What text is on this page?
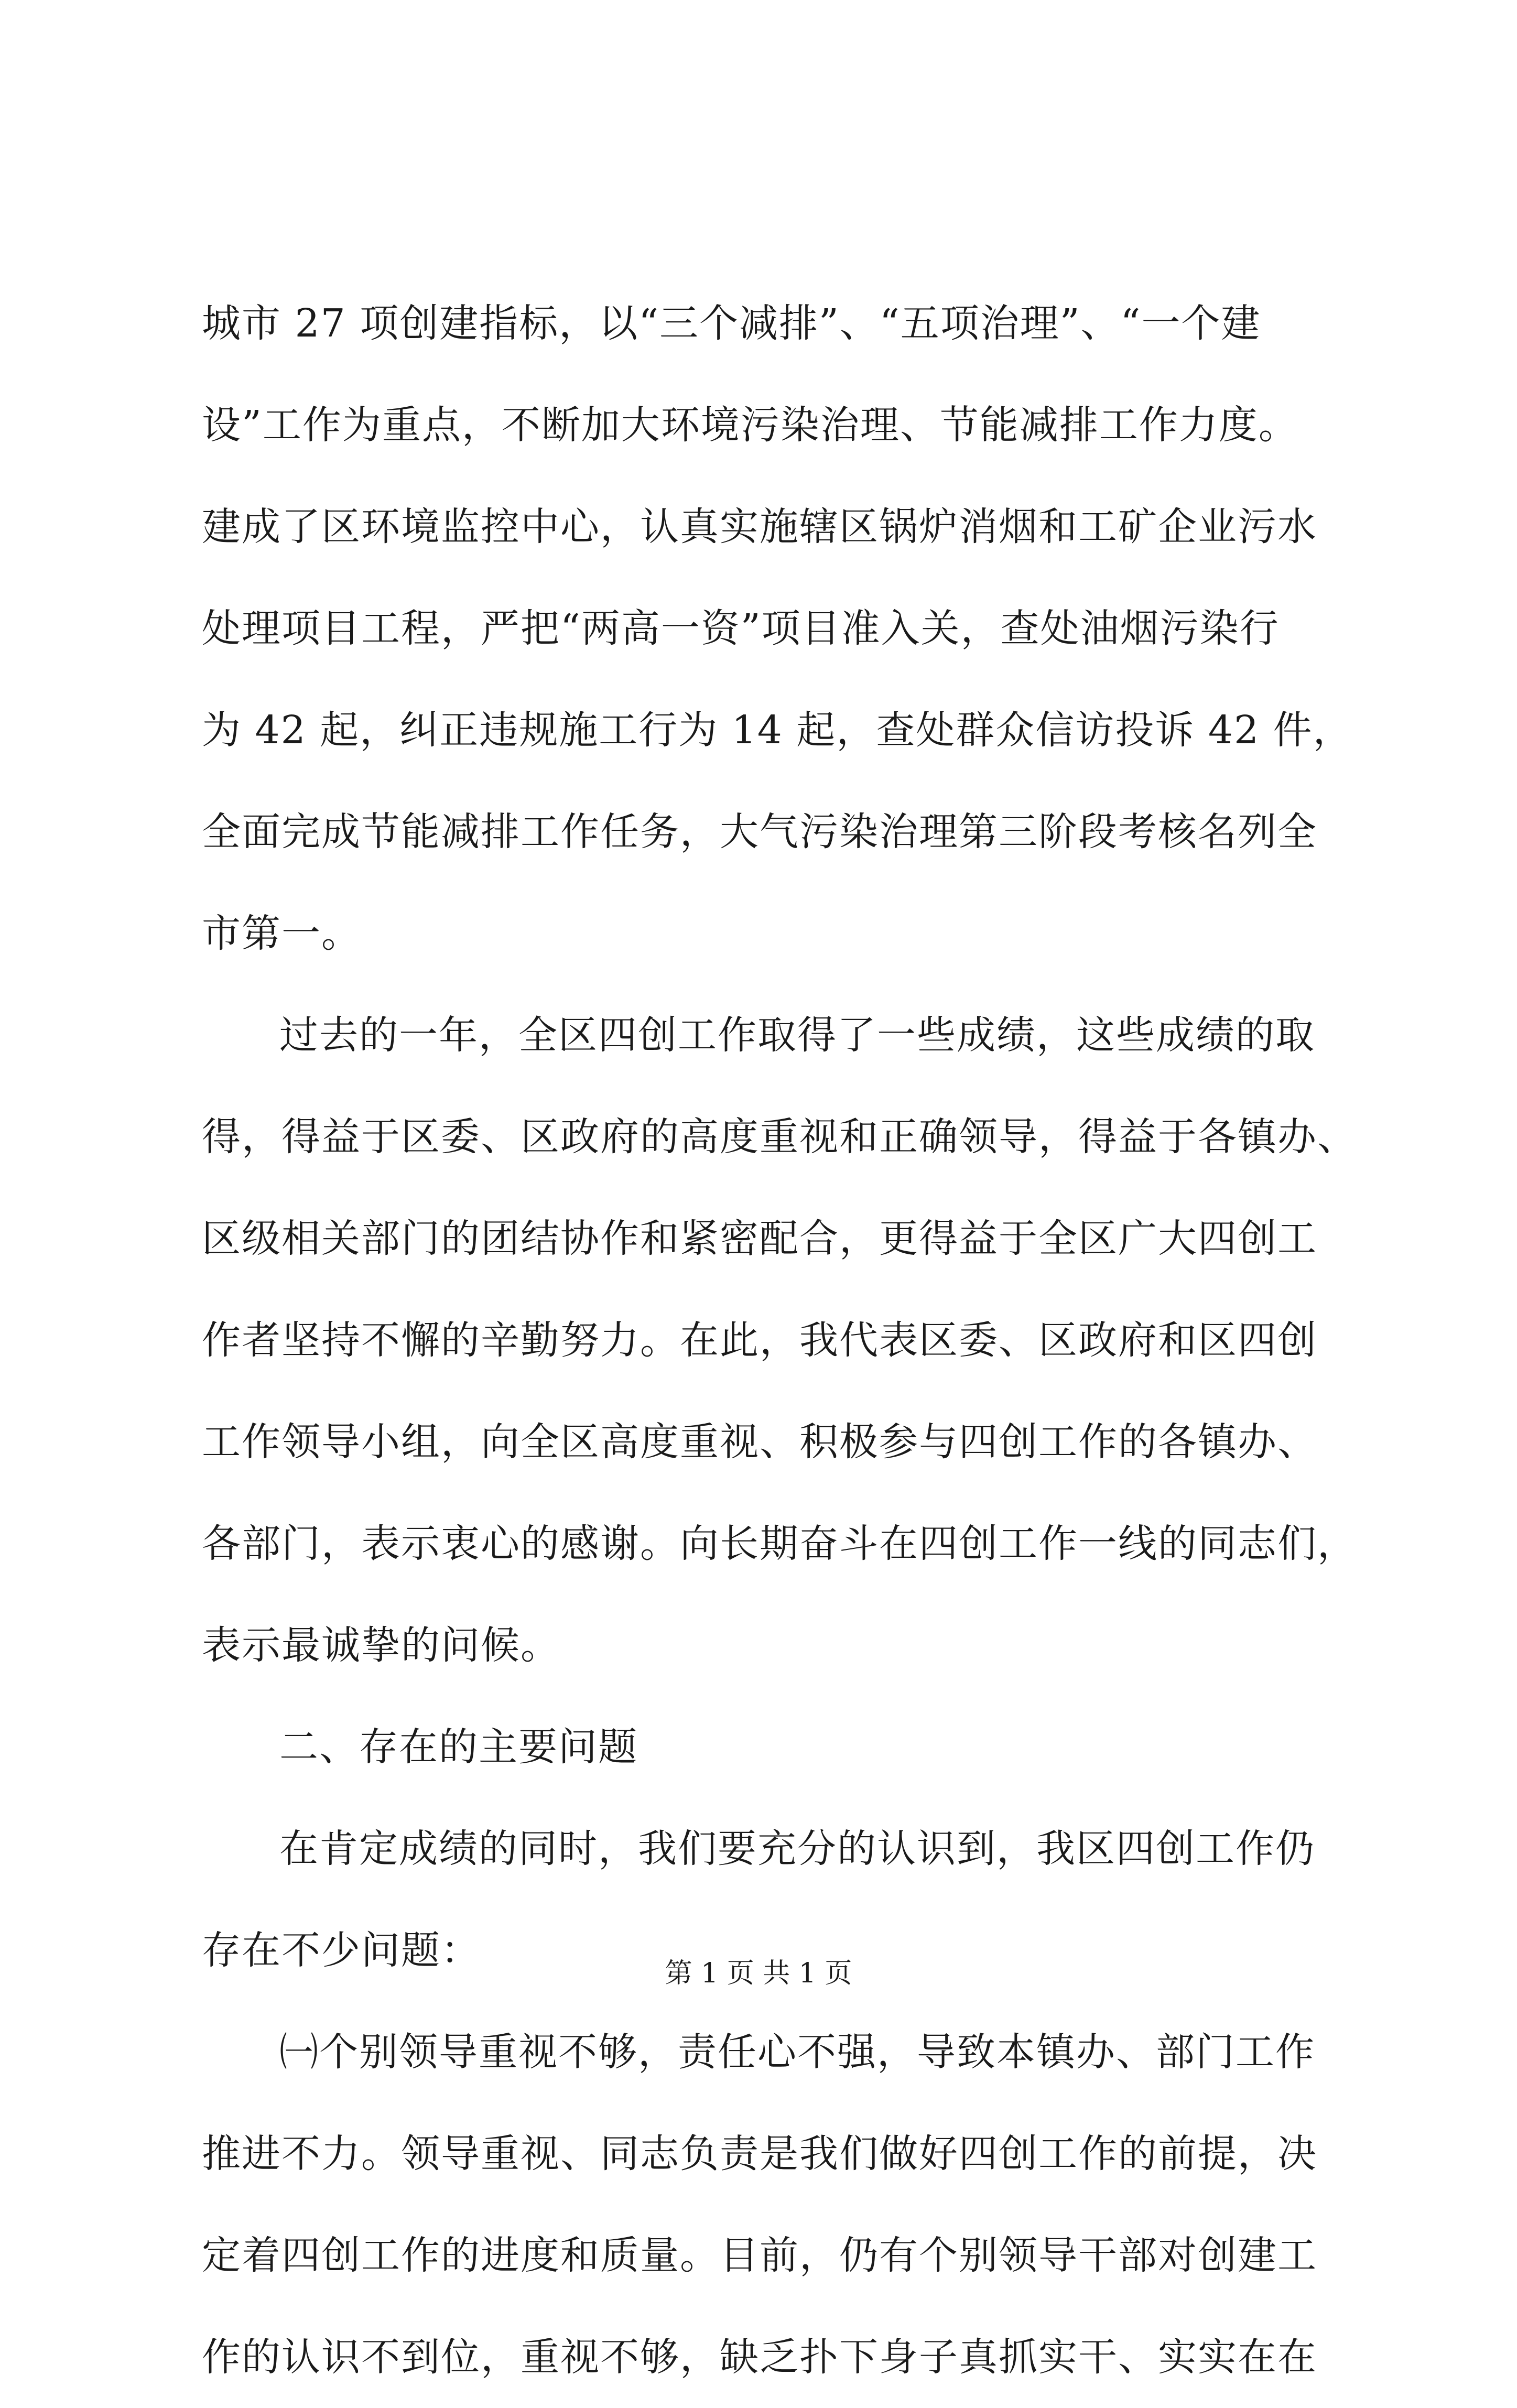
城市 27 项创建指标，以“三个减排”、“五项治理”、“一个建
设”工作为重点，不断加大环境污染治理、节能减排工作力度。
建成了区环境监控中心，认真实施辖区锅炉消烟和工矿企业污水
处理项目工程，严把“两高一资”项目准入关，查处油烟污染行
为 42 起，纠正违规施工行为 14 起，查处群众信访投诉 42 件，
全面完成节能减排工作任务，大气污染治理第三阶段考核名列全
市第一。
过去的一年，全区四创工作取得了一些成绩，这些成绩的取
得，得益于区委、区政府的高度重视和正确领导，得益于各镇办、
区级相关部门的团结协作和紧密配合，更得益于全区广大四创工
作者坚持不懈的辛勤努力。在此，我代表区委、区政府和区四创
工作领导小组，向全区高度重视、积极参与四创工作的各镇办、
各部门，表示衷心的感谢。向长期奋斗在四创工作一线的同志们，
表示最诚挚的问候。
二、存在的主要问题
在肯定成绩的同时，我们要充分的认识到，我区四创工作仍
存在不少问题：
㈠个别领导重视不够，责任心不强，导致本镇办、部门工作
推进不力。领导重视、同志负责是我们做好四创工作的前提，决
定着四创工作的进度和质量。目前，仍有个别领导干部对创建工
作的认识不到位，重视不够，缺乏扑下身子真抓实干、实实在在
第 1 页 共 1 页
